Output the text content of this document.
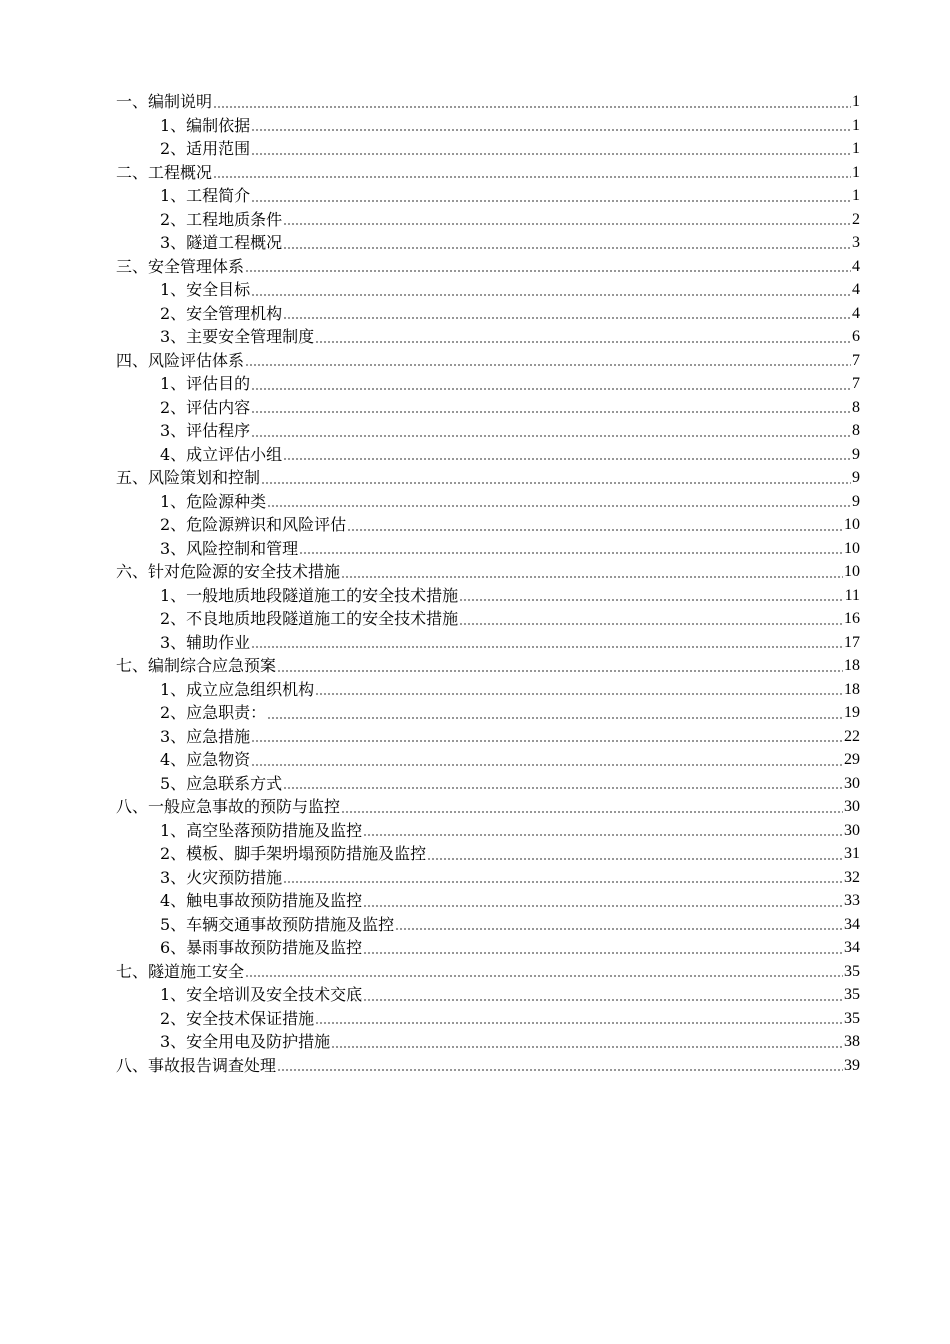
一、编制说明	1
1、编制依据	1
2、适用范围	1
二、工程概况	1
1、工程简介	1
2、工程地质条件	2
3、隧道工程概况	3
三、安全管理体系	4
1、安全目标	4
2、安全管理机构	4
3、主要安全管理制度	6
四、风险评估体系	7
1、评估目的	7
2、评估内容	8
3、评估程序	8
4、成立评估小组	9
五、风险策划和控制	9
1、危险源种类	9
2、危险源辨识和风险评估	10
3、风险控制和管理	10
六、针对危险源的安全技术措施	10
1、一般地质地段隧道施工的安全技术措施	11
2、不良地质地段隧道施工的安全技术措施	16
3、辅助作业	17
七、编制综合应急预案	18
1、成立应急组织机构	18
2、应急职责：	19
3、应急措施	22
4、应急物资	29
5、应急联系方式	30
八、一般应急事故的预防与监控	30
1、高空坠落预防措施及监控	30
2、模板、脚手架坍塌预防措施及监控	31
3、火灾预防措施	32
4、触电事故预防措施及监控	33
5、车辆交通事故预防措施及监控	34
6、暴雨事故预防措施及监控	34
七、隧道施工安全	35
1、安全培训及安全技术交底	35
2、安全技术保证措施	35
3、安全用电及防护措施	38
八、事故报告调查处理	39
